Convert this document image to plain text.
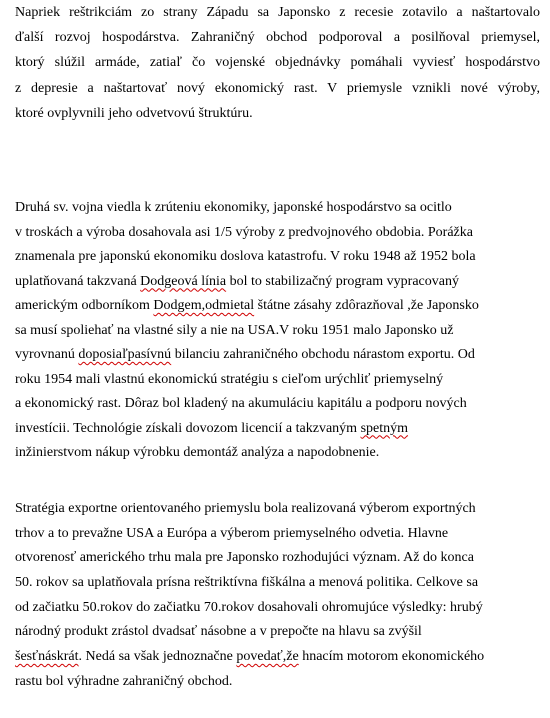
Napriek reštrikciám zo strany Západu sa Japonsko z recesie zotavilo a naštartovalo
ďalší rozvoj hospodárstva. Zahraničný obchod podporoval a posilňoval priemysel,
ktorý slúžil armáde, zatiaľ čo vojenské objednávky pomáhali vyviesť hospodárstvo
z depresie a naštartovať nový ekonomický rast. V priemysle vznikli nové výroby,
ktoré ovplyvnili jeho odvetvovú štruktúru.
Druhá sv. vojna viedla k zrúteniu ekonomiky, japonské hospodárstvo sa ocitlo
v troskách a výroba dosahovala asi 1/5 výroby z predvojnového obdobia. Porážka
znamenala pre japonskú ekonomiku doslova katastrofu. V roku 1948 až 1952 bola
uplatňovaná takzvaná Dodgeová línia bol to stabilizačný program vypracovaný
americkým odborníkom Dodgem,odmietal štátne zásahy zdôrazňoval ,že Japonsko
sa musí spoliehať na vlastné sily a nie na USA.V roku 1951 malo Japonsko už
vyrovnanú doposiaľpasívnú bilanciu zahraničného obchodu nárastom exportu. Od
roku 1954 mali vlastnú ekonomickú stratégiu s cieľom urýchliť priemyselný
a ekonomický rast. Dôraz bol kladený na akumuláciu kapitálu a podporu nových
investícii. Technológie získali dovozom licencií a takzvaným spetným
inžinierstvom nákup výrobku demontáž analýza a napodobnenie.
Stratégia exportne orientovaného priemyslu bola realizovaná výberom exportných
trhov a to prevažne USA a Európa a výberom priemyselného odvetia. Hlavne
otvorenosť amerického trhu mala pre Japonsko rozhodujúci význam. Až do konca
50. rokov sa uplatňovala prísna reštriktívna fiškálna a menová politika. Celkove sa
od začiatku 50.rokov do začiatku 70.rokov dosahovali ohromujúce výsledky: hrubý
národný produkt zrástol dvadsať násobne a v prepočte na hlavu sa zvýšil
šesťnáskrát. Nedá sa však jednoznačne povedať,že hnacím motorom ekonomického
rastu bol výhradne zahraničný obchod.
